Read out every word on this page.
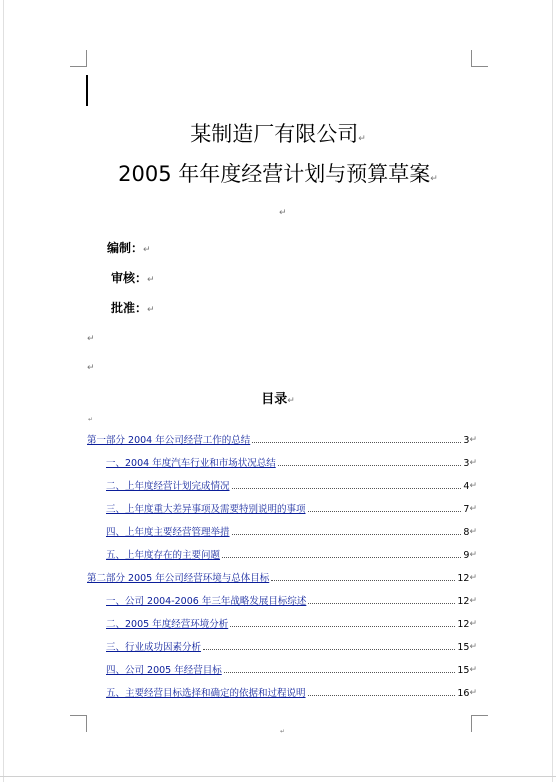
某制造厂有限公司↵
2005 年年度经营计划与预算草案↵
↵
编制：↵
审核：↵
批准：↵
↵
↵
目录↵
↵
第一部分 2004 年公司经营工作的总结	3 ↵
一、2004 年度汽车行业和市场状况总结	3 ↵
二、上年度经营计划完成情况	4 ↵
三、上年度重大差异事项及需要特别说明的事项	7 ↵
四、上年度主要经营管理举措	8 ↵
五、上年度存在的主要问题	9 ↵
第二部分 2005 年公司经营环境与总体目标	12 ↵
一、公司 2004-2006 年三年战略发展目标综述	12 ↵
二、2005 年度经营环境分析	12 ↵
三、行业成功因素分析	15 ↵
四、公司 2005 年经营目标	15 ↵
五、主要经营目标选择和确定的依据和过程说明	16 ↵
↵
